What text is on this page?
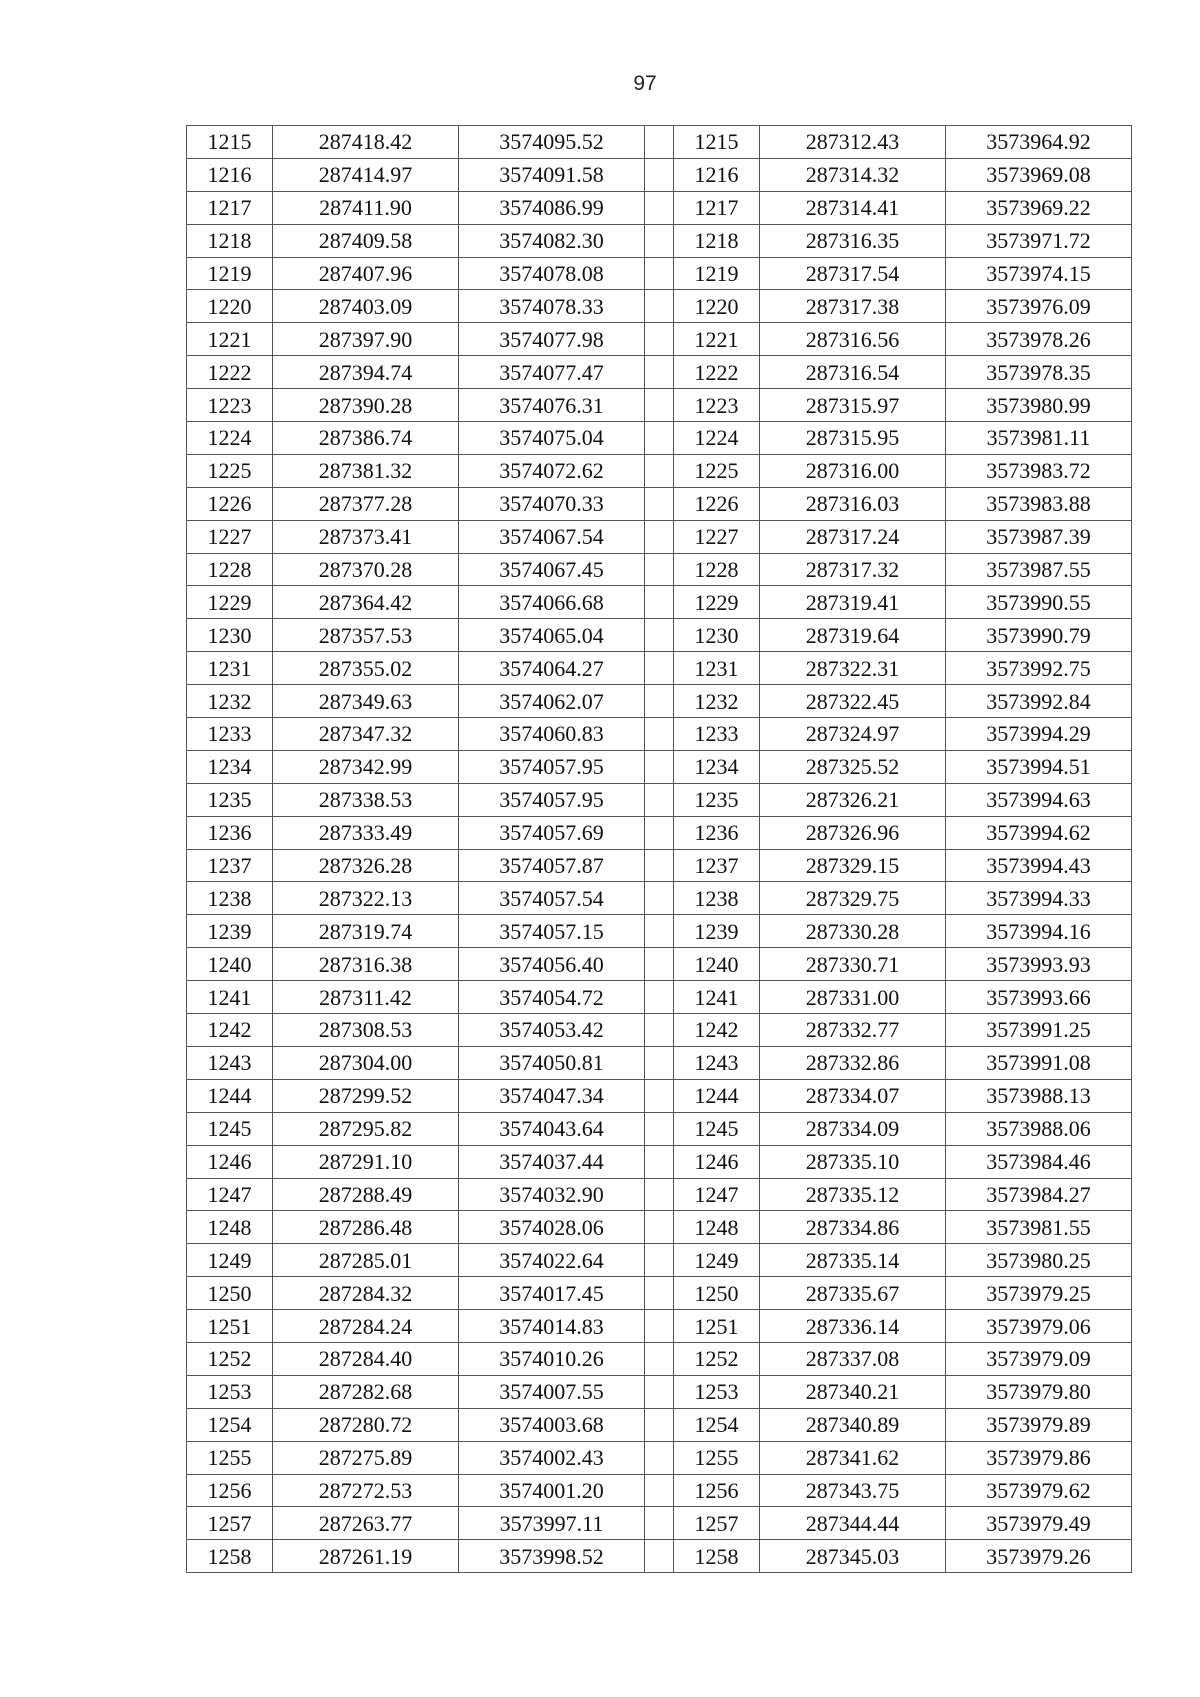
97
1215	287418.42	3574095.52		1215	287312.43	3573964.92
1216	287414.97	3574091.58		1216	287314.32	3573969.08
1217	287411.90	3574086.99		1217	287314.41	3573969.22
1218	287409.58	3574082.30		1218	287316.35	3573971.72
1219	287407.96	3574078.08		1219	287317.54	3573974.15
1220	287403.09	3574078.33		1220	287317.38	3573976.09
1221	287397.90	3574077.98		1221	287316.56	3573978.26
1222	287394.74	3574077.47		1222	287316.54	3573978.35
1223	287390.28	3574076.31		1223	287315.97	3573980.99
1224	287386.74	3574075.04		1224	287315.95	3573981.11
1225	287381.32	3574072.62		1225	287316.00	3573983.72
1226	287377.28	3574070.33		1226	287316.03	3573983.88
1227	287373.41	3574067.54		1227	287317.24	3573987.39
1228	287370.28	3574067.45		1228	287317.32	3573987.55
1229	287364.42	3574066.68		1229	287319.41	3573990.55
1230	287357.53	3574065.04		1230	287319.64	3573990.79
1231	287355.02	3574064.27		1231	287322.31	3573992.75
1232	287349.63	3574062.07		1232	287322.45	3573992.84
1233	287347.32	3574060.83		1233	287324.97	3573994.29
1234	287342.99	3574057.95		1234	287325.52	3573994.51
1235	287338.53	3574057.95		1235	287326.21	3573994.63
1236	287333.49	3574057.69		1236	287326.96	3573994.62
1237	287326.28	3574057.87		1237	287329.15	3573994.43
1238	287322.13	3574057.54		1238	287329.75	3573994.33
1239	287319.74	3574057.15		1239	287330.28	3573994.16
1240	287316.38	3574056.40		1240	287330.71	3573993.93
1241	287311.42	3574054.72		1241	287331.00	3573993.66
1242	287308.53	3574053.42		1242	287332.77	3573991.25
1243	287304.00	3574050.81		1243	287332.86	3573991.08
1244	287299.52	3574047.34		1244	287334.07	3573988.13
1245	287295.82	3574043.64		1245	287334.09	3573988.06
1246	287291.10	3574037.44		1246	287335.10	3573984.46
1247	287288.49	3574032.90		1247	287335.12	3573984.27
1248	287286.48	3574028.06		1248	287334.86	3573981.55
1249	287285.01	3574022.64		1249	287335.14	3573980.25
1250	287284.32	3574017.45		1250	287335.67	3573979.25
1251	287284.24	3574014.83		1251	287336.14	3573979.06
1252	287284.40	3574010.26		1252	287337.08	3573979.09
1253	287282.68	3574007.55		1253	287340.21	3573979.80
1254	287280.72	3574003.68		1254	287340.89	3573979.89
1255	287275.89	3574002.43		1255	287341.62	3573979.86
1256	287272.53	3574001.20		1256	287343.75	3573979.62
1257	287263.77	3573997.11		1257	287344.44	3573979.49
1258	287261.19	3573998.52		1258	287345.03	3573979.26
